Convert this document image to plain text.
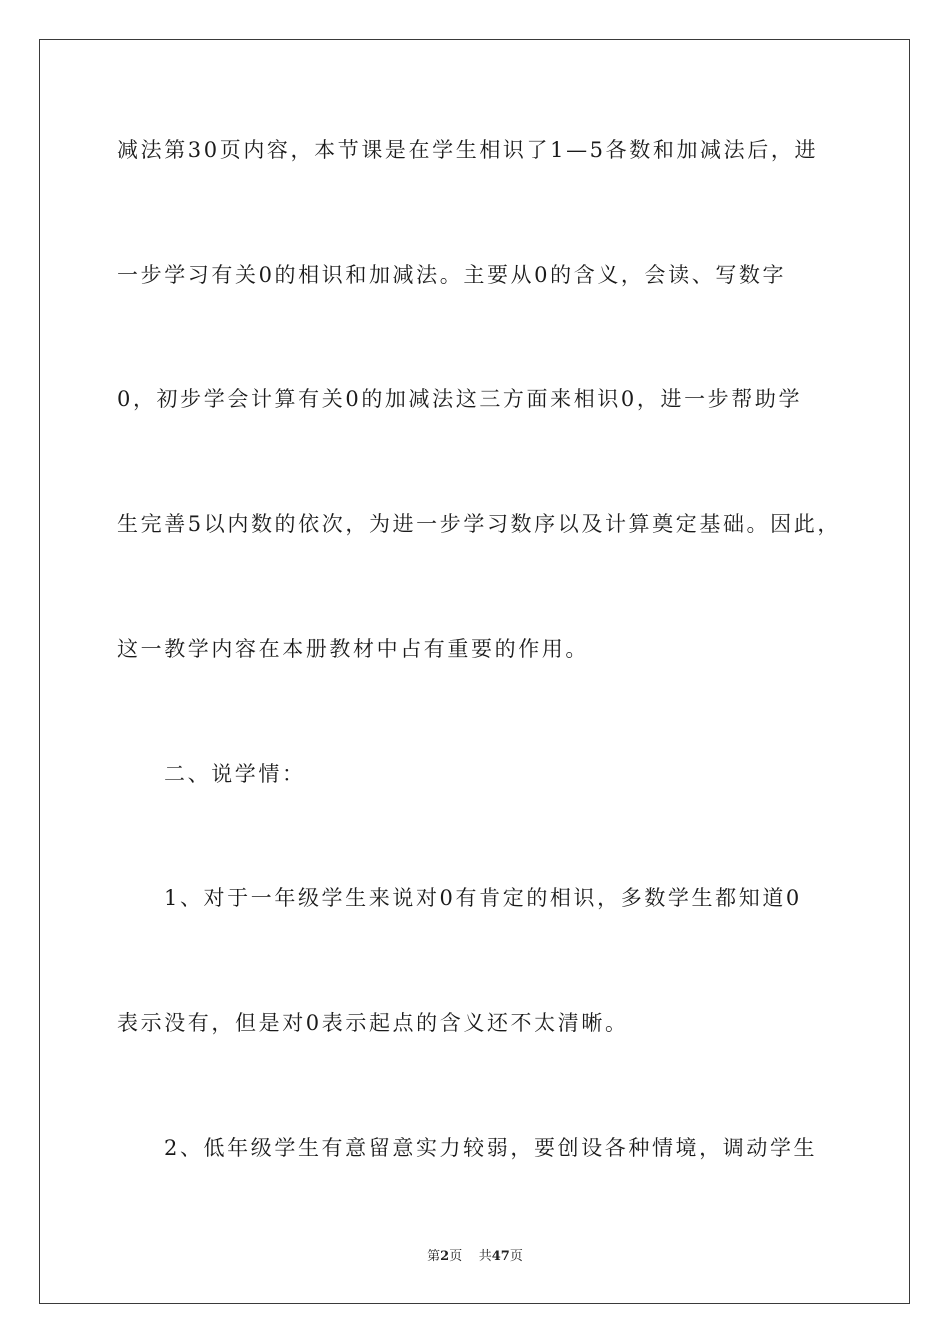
减法第30页内容，本节课是在学生相识了1—5各数和加减法后，进
一步学习有关0的相识和加减法。主要从0的含义，会读、写数字
0，初步学会计算有关0的加减法这三方面来相识0，进一步帮助学
生完善5以内数的依次，为进一步学习数序以及计算奠定基础。因此，
这一教学内容在本册教材中占有重要的作用。
二、说学情：
1、对于一年级学生来说对0有肯定的相识，多数学生都知道0
表示没有，但是对0表示起点的含义还不太清晰。
2、低年级学生有意留意实力较弱，要创设各种情境，调动学生
第2页 共47页
